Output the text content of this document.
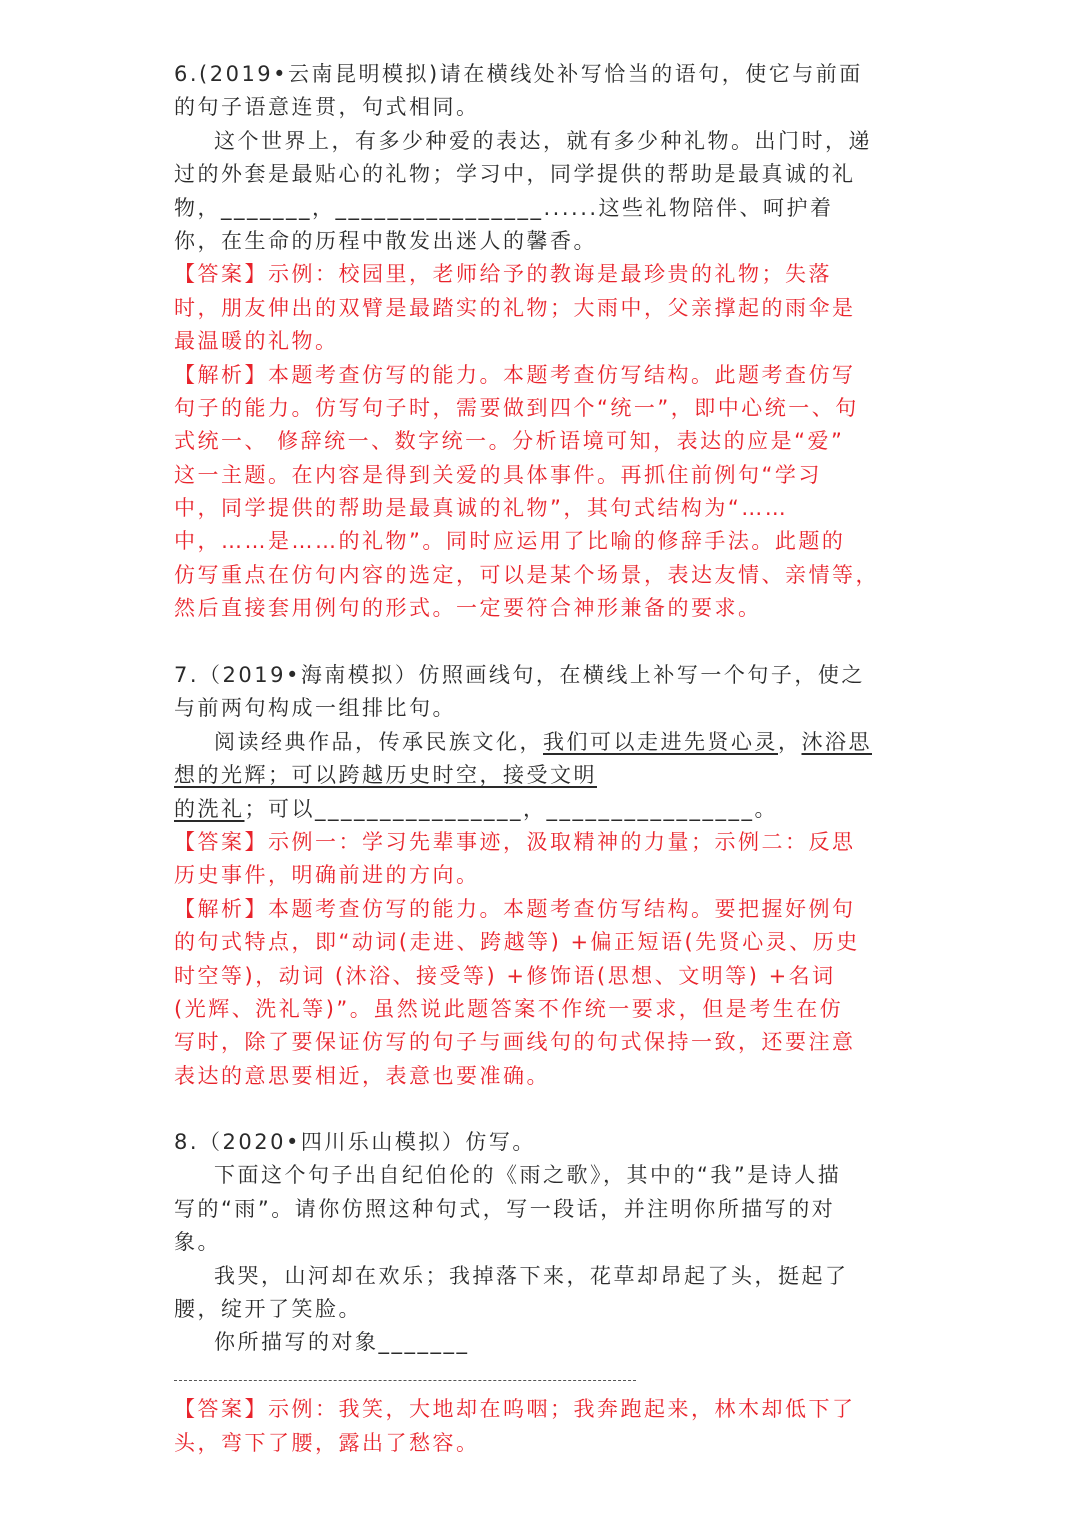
6.(2019•云南昆明模拟)请在横线处补写恰当的语句，使它与前面
的句子语意连贯，句式相同。
这个世界上，有多少种爱的表达，就有多少种礼物。出门时，递
过的外套是最贴心的礼物；学习中，同学提供的帮助是最真诚的礼
物，_______，________________......这些礼物陪伴、呵护着
你，在生命的历程中散发出迷人的馨香。
【答案】示例：校园里，老师给予的教诲是最珍贵的礼物；失落
时，朋友伸出的双臂是最踏实的礼物；大雨中，父亲撑起的雨伞是
最温暖的礼物。
【解析】本题考查仿写的能力。本题考查仿写结构。此题考查仿写
句子的能力。仿写句子时，需要做到四个“统一”，即中心统一、句
式统一、 修辞统一、数字统一。分析语境可知，表达的应是“爱”
这一主题。在内容是得到关爱的具体事件。再抓住前例句“学习
中，同学提供的帮助是最真诚的礼物”，其句式结构为“……
中，……是……的礼物”。同时应运用了比喻的修辞手法。此题的
仿写重点在仿句内容的选定，可以是某个场景，表达友情、亲情等，
然后直接套用例句的形式。一定要符合神形兼备的要求。
7.（2019•海南模拟）仿照画线句，在横线上补写一个句子，使之
与前两句构成一组排比句。
阅读经典作品，传承民族文化，我们可以走进先贤心灵，沐浴思
想的光辉；可以跨越历史时空，接受文明
的洗礼；可以________________，________________。
【答案】示例一：学习先辈事迹，汲取精神的力量；示例二：反思
历史事件，明确前进的方向。
【解析】本题考查仿写的能力。本题考查仿写结构。要把握好例句
的句式特点，即“动词(走进、跨越等) +偏正短语(先贤心灵、历史
时空等)，动词 (沐浴、接受等) +修饰语(思想、文明等) +名词
(光辉、洗礼等)”。虽然说此题答案不作统一要求，但是考生在仿
写时，除了要保证仿写的句子与画线句的句式保持一致，还要注意
表达的意思要相近，表意也要准确。
8.（2020•四川乐山模拟）仿写。
下面这个句子出自纪伯伦的《雨之歌》，其中的“我”是诗人描
写的“雨”。请你仿照这种句式，写一段话，并注明你所描写的对
象。
我哭，山河却在欢乐；我掉落下来，花草却昂起了头，挺起了
腰，绽开了笑脸。
你所描写的对象_______
【答案】示例：我笑，大地却在呜咽；我奔跑起来，林木却低下了
头，弯下了腰，露出了愁容。
